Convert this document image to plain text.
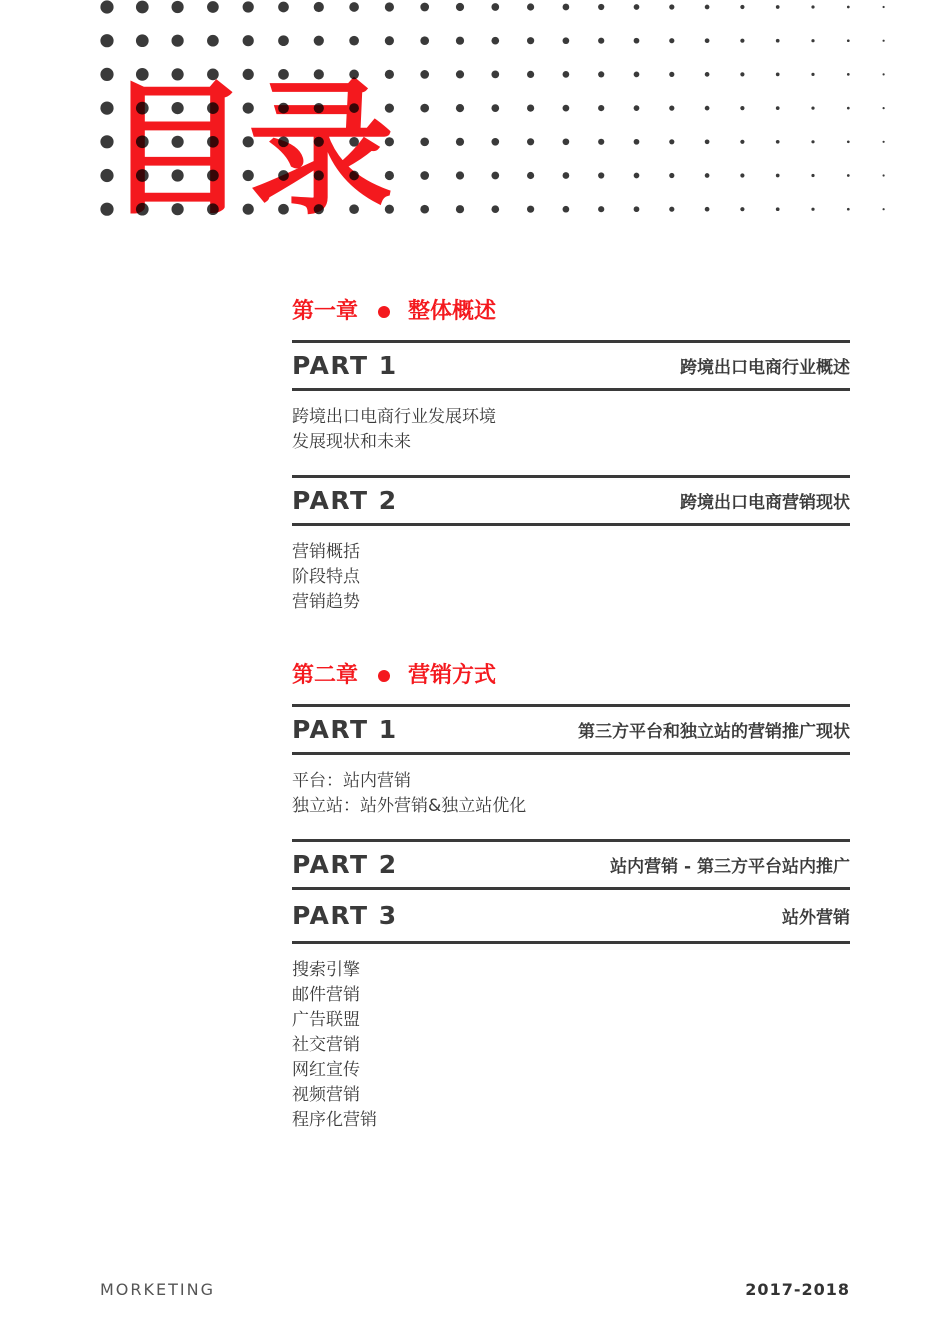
目录
第一章 整体概述
PART 1	跨境出口电商行业概述
跨境出口电商行业发展环境
发展现状和未来
PART 2	跨境出口电商营销现状
营销概括
阶段特点
营销趋势
第二章 营销方式
PART 1	第三方平台和独立站的营销推广现状
平台：站内营销
独立站：站外营销&独立站优化
PART 2	站内营销 - 第三方平台站内推广
PART 3	站外营销
搜索引擎
邮件营销
广告联盟
社交营销
网红宣传
视频营销
程序化营销
MORKETING	2017-2018
